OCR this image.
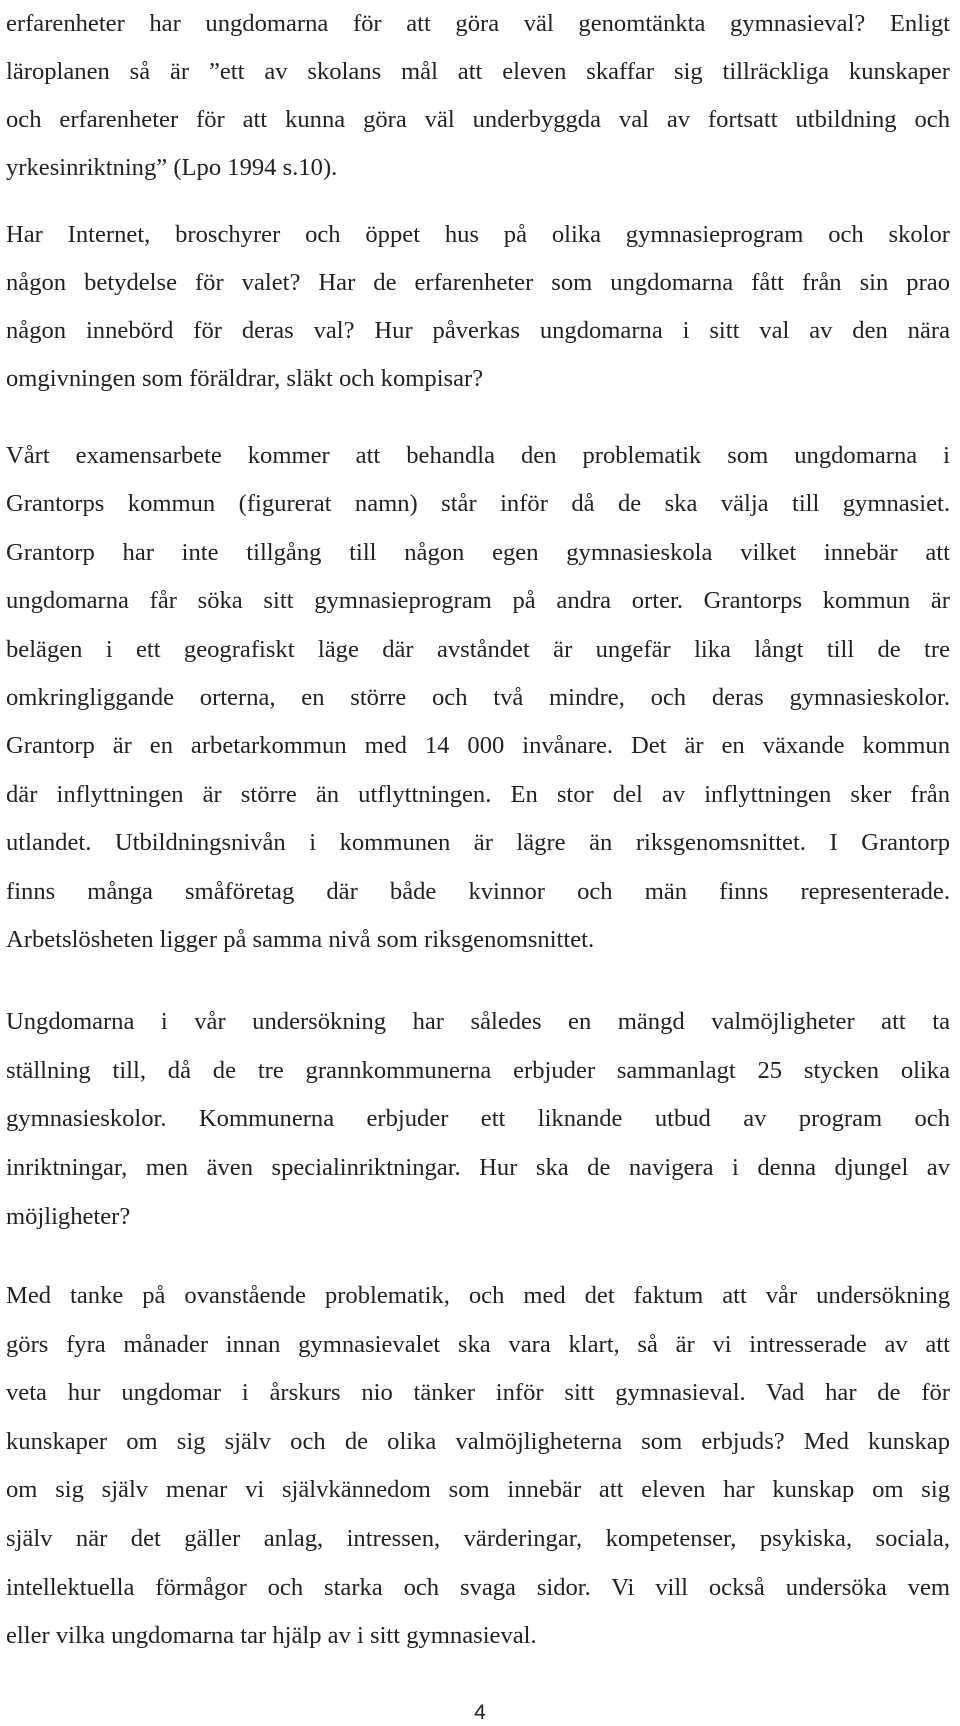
erfarenheter har ungdomarna för att göra väl genomtänkta gymnasieval? Enligt
läroplanen så är ”ett av skolans mål att eleven skaffar sig tillräckliga kunskaper
och erfarenheter för att kunna göra väl underbyggda val av fortsatt utbildning och
yrkesinriktning” (Lpo 1994 s.10).

Har Internet, broschyrer och öppet hus på olika gymnasieprogram och skolor
någon betydelse för valet? Har de erfarenheter som ungdomarna fått från sin prao
någon innebörd för deras val? Hur påverkas ungdomarna i sitt val av den nära
omgivningen som föräldrar, släkt och kompisar?

Vårt examensarbete kommer att behandla den problematik som ungdomarna i
Grantorps kommun (figurerat namn) står inför då de ska välja till gymnasiet.
Grantorp har inte tillgång till någon egen gymnasieskola vilket innebär att
ungdomarna får söka sitt gymnasieprogram på andra orter. Grantorps kommun är
belägen i ett geografiskt läge där avståndet är ungefär lika långt till de tre
omkringliggande orterna, en större och två mindre, och deras gymnasieskolor.
Grantorp är en arbetarkommun med 14 000 invånare. Det är en växande kommun
där inflyttningen är större än utflyttningen. En stor del av inflyttningen sker från
utlandet. Utbildningsnivån i kommunen är lägre än riksgenomsnittet. I Grantorp
finns många småföretag där både kvinnor och män finns representerade.
Arbetslösheten ligger på samma nivå som riksgenomsnittet.

Ungdomarna i vår undersökning har således en mängd valmöjligheter att ta
ställning till, då de tre grannkommunerna erbjuder sammanlagt 25 stycken olika
gymnasieskolor. Kommunerna erbjuder ett liknande utbud av program och
inriktningar, men även specialinriktningar. Hur ska de navigera i denna djungel av
möjligheter?

Med tanke på ovanstående problematik, och med det faktum att vår undersökning
görs fyra månader innan gymnasievalet ska vara klart, så är vi intresserade av att
veta hur ungdomar i årskurs nio tänker inför sitt gymnasieval. Vad har de för
kunskaper om sig själv och de olika valmöjligheterna som erbjuds? Med kunskap
om sig själv menar vi självkännedom som innebär att eleven har kunskap om sig
själv när det gäller anlag, intressen, värderingar, kompetenser, psykiska, sociala,
intellektuella förmågor och starka och svaga sidor. Vi vill också undersöka vem
eller vilka ungdomarna tar hjälp av i sitt gymnasieval.

4
